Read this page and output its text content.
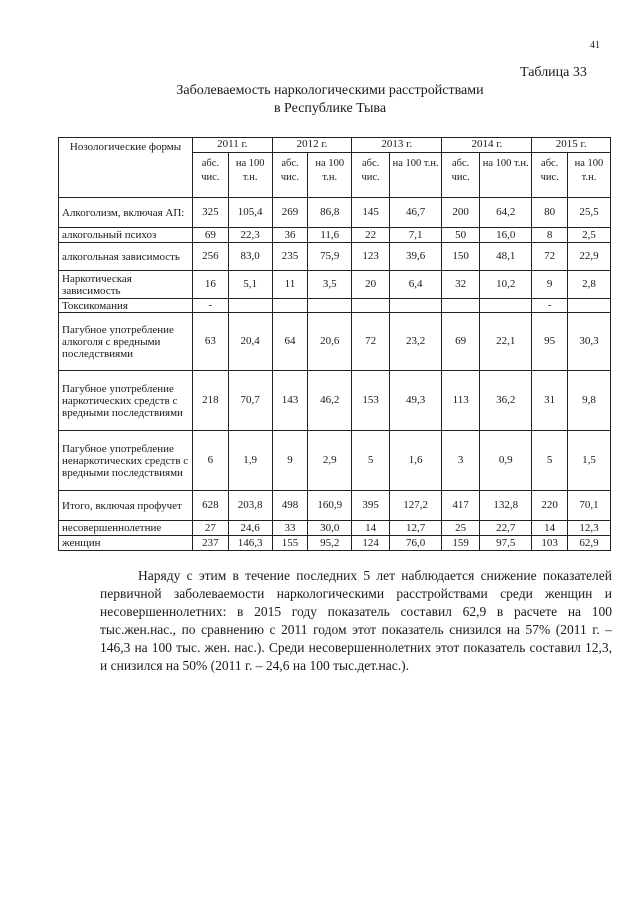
41
Таблица 33
Заболеваемость наркологическими расстройствами
в Республике Тыва
Нозологические формы	2011 г.		2012 г.		2013 г.		2014 г.		2015 г.	
	абс. чис.	на 100 т.н.	абс. чис.	на 100 т.н.	абс. чис.	на 100 т.н.	абс. чис.	на 100 т.н.	абс. чис.	на 100 т.н.
Алкоголизм, включая АП:	325	105,4	269	86,8	145	46,7	200	64,2	80	25,5
алкогольный психоз	69	22,3	36	11,6	22	7,1	50	16,0	8	2,5
алкогольная зависимость	256	83,0	235	75,9	123	39,6	150	48,1	72	22,9
Наркотическая зависимость	16	5,1	11	3,5	20	6,4	32	10,2	9	2,8
Токсикомания	-								-	
Пагубное употребление алкоголя с вредными последствиями	63	20,4	64	20,6	72	23,2	69	22,1	95	30,3
Пагубное употребление наркотических средств с вредными последствиями	218	70,7	143	46,2	153	49,3	113	36,2	31	9,8
Пагубное употребление ненаркотических средств с вредными последствиями	6	1,9	9	2,9	5	1,6	3	0,9	5	1,5
Итого, включая профучет	628	203,8	498	160,9	395	127,2	417	132,8	220	70,1
несовершеннолетние	27	24,6	33	30,0	14	12,7	25	22,7	14	12,3
женщин	237	146,3	155	95,2	124	76,0	159	97,5	103	62,9
Наряду с этим в течение последних 5 лет наблюдается снижение показателей первичной заболеваемости наркологическими расстройствами среди женщин и несовершеннолетних: в 2015 году показатель составил 62,9 в расчете на 100 тыс.жен.нас., по сравнению с 2011 годом этот показатель снизился на 57% (2011 г. – 146,3 на 100 тыс. жен. нас.). Среди несовершеннолетних этот показатель составил 12,3, и снизился на 50% (2011 г. – 24,6 на 100 тыс.дет.нас.).
